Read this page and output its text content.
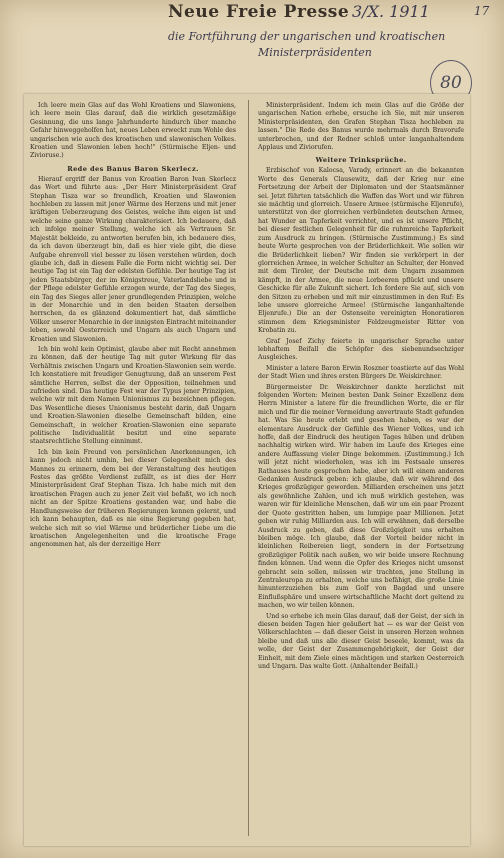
Neue Freie Presse 3/X. 1911	17
die Fortführung der ungarischen und kroatischen
Ministerpräsidenten
80

Ich leere mein Glas auf das Wohl Kroatiens und Slawoniens, ich leere mein Glas darauf, daß die wirklich gesetzmäßige Gesinnung, die uns lange Jahrhunderte hindurch über manche Gefahr hinweggeholfen hat, neues Leben erweckt zum Wohle des ungarischen wie auch des kroatischen und slawonischen Volkes. Kroatien und Slawonien leben hoch!" (Stürmische Eljen- und Zivioruse.)

Rede des Banus Baron Skerlecz.

Hierauf ergriff der Banus von Kroatien Baron Ivan Skerlecz das Wort und führte aus: „Der Herr Ministerpräsident Graf Stephan Tisza war so freundlich, Kroatien und Slawonien hochleben zu lassen mit jener Wärme des Herzens und mit jener kräftigen Ueberzeugung des Geistes, welche ihm eigen ist und welche seine ganze Wirkung charakterisiert. Ich bedauere, daß ich infolge meiner Stellung, welche ich als Vertrauen Sr. Majestät bekleide, zu antworten berufen bin, ich bedauere dies, da ich davon überzeugt bin, daß es hier viele gibt, die diese Aufgabe ehrenvoll viel besser zu lösen verstehen würden, doch glaube ich, daß in diesem Falle die Form nicht wichtig sei. Der heutige Tag ist ein Tag der edelsten Gefühle. Der heutige Tag ist jeden Staatsbürger, der im Königstreue, Vaterlandsliebe und in der Pflege edelster Gefühle erzogen wurde, der Tag des Sieges, ein Tag des Sieges aller jener grundlegenden Prinzipien, welche in der Monarchie und in den beiden Staaten derselben herrschen, da es glänzend dokumentiert hat, daß sämtliche Völker unserer Monarchie in der innigsten Eintracht miteinander leben, sowohl Oesterreich und Ungarn als auch Ungarn und Kroatien und Slawonien.

Ich bin wohl kein Optimist, glaube aber mit Recht annehmen zu können, daß der heutige Tag mit guter Wirkung für das Verhältnis zwischen Ungarn und Kroatien-Slawonien sein werde. Ich konstatiere mit freudiger Genugtuung, daß an unserem Fest sämtliche Herren, selbst die der Opposition, teilnehmen und zufrieden sind. Das heutige Fest war der Typus jener Prinzipien, welche wir mit dem Namen Unionismus zu bezeichnen pflegen. Das Wesentliche dieses Unionismus besteht darin, daß Ungarn und Kroatien-Slawonien dieselbe Gemeinschaft bilden, eine Gemeinschaft, in welcher Kroatien-Slawonien eine separate politische Individualität besitzt und eine separate staatsrechtliche Stellung einnimmt.

Ich bin kein Freund von persönlichen Anerkennungen, ich kann jedoch nicht umhin, bei dieser Gelegenheit mich des Mannes zu erinnern, dem bei der Veranstaltung des heutigen Festes das größte Verdienst zufällt, es ist dies der Herr Ministerpräsident Graf Stephan Tisza. Ich habe mich mit den kroatischen Fragen auch zu jener Zeit viel befaßt, wo ich noch nicht an der Spitze Kroatiens gestanden war, und habe die Handlungsweise der früheren Regierungen kennen gelernt, und ich kann behaupten, daß es nie eine Regierung gegeben hat, welche sich mit so viel Wärme und brüderlicher Liebe um die kroatischen Angelegenheiten und die kroatische Frage angenommen hat, als der derzeitige Herr

Ministerpräsident. Indem ich mein Glas auf die Größe der ungarischen Nation erhebe, ersuche ich Sie, mit mir unseren Ministerpräsidenten, den Grafen Stephan Tisza hochleben zu lassen." Die Rede des Banus wurde mehrmals durch Bravorufe unterbrochen, und der Redner schloß unter langanhaltendem Applaus und Ziviorufen.

Weitere Trinksprüche.

Erzbischof von Kalocsa, Varady, erinnert an die bekannten Worte des Generals Clausewitz, daß der Krieg nur eine Fortsetzung der Arbeit der Diplomaten und der Staatsmänner sei. Jetzt führten tatsächlich die Waffen das Wort und wir führen sie mächtig und glorreich. Unsere Armee (stürmische Eljenrufe), unterstützt von der glorreichen verbündeten deutschen Armee, hat Wunder an Tapferkeit verrichtet, und es ist unsere Pflicht, bei dieser festlichen Gelegenheit für die ruhmreiche Tapferkeit zum Ausdruck zu bringen. (Stürmische Zustimmung.) Es sind heute Worte gesprochen von der Brüderlichkeit. Wie sollen wir die Brüderlichkeit lieben? Wir finden sie verkörpert in der glorreichen Armee, in welcher Schulter an Schulter, der Honved mit dem Tiroler, der Deutsche mit dem Ungarn zusammen kämpft, in der Armee, die neue Lorbeeren pflückt und unsere Geschicke für alle Zukunft sichert. Ich fordere Sie auf, sich von den Sitzen zu erheben und mit mir einzustimmen in den Ruf: Es lebe unsere glorreiche Armee! (Stürmische langanhaltende Eljenrufe.) Die an der Ostenseite vereinigten Honoratioren stimmen dem Kriegsminister Feldzeugmeister Ritter von Krobatin zu.

Graf Josef Zichy feierte in ungarischer Sprache unter lebhaftem Beifall die Schöpfer des siebenundsechziger Ausgleiches.

Minister a latere Baron Erwin Roszner toastierte auf das Wohl der Stadt Wien und ihres ersten Bürgers Dr. Weiskirchner.

Bürgermeister Dr. Weiskirchner dankte herzlichst mit folgenden Worten: Meinen besten Dank Seiner Exzellenz dem Herrn Minister a latere für die freundlichen Worte, die er für mich und für die meiner Vermeidung anvertraute Stadt gefunden hat. Was Sie heute erlebt und gesehen haben, es war der elementare Ausdruck der Gefühle des Wiener Volkes, und ich hoffe, daß der Eindruck des heutigen Tages hüben und drüben nachhaltig wirken wird. Wir haben im Laufe des Krieges eine andere Auffassung vieler Dinge bekommen. (Zustimmung.) Ich will jetzt nicht wiederholen, was ich im Festsaale unseres Rathauses heute gesprochen habe, aber ich will einem anderen Gedanken Ausdruck geben: ich glaube, daß wir während des Krieges großzügiger geworden. Milliarden erscheinen uns jetzt als gewöhnliche Zahlen, und ich muß wirklich gestehen, was waren wir für kleinliche Menschen, daß wir um ein paar Prozent der Quote gestritten haben, um lumpige paar Millionen. Jetzt geben wir ruhig Milliarden aus. Ich will erwähnen, daß derselbe Ausdruck zu geben, daß diese Großzügigkeit uns erhalten bleiben möge. Ich glaube, daß der Vorteil beider nicht in kleinlichen Reibereien liegt, sondern in der Fortsetzung großzügiger Politik nach außen, wo wir beide unsere Rechnung finden können. Und wenn die Opfer des Krieges nicht umsonst gebracht sein sollen, müssen wir trachten, jene Stellung in Zentraleuropa zu erhalten, welche uns befähigt, die große Linie hinunterzuziehen bis zum Golf von Bagdad und unsere Einflußsphäre und unsere wirtschaftliche Macht dort geltend zu machen, wo wir teilen können.

Und so erhebe ich mein Glas darauf, daß der Geist, der sich in diesen beiden Tagen hier geäußert hat — es war der Geist von Völkerschlachten — daß dieser Geist in unseren Herzen wohnen bleibe und daß uns alle dieser Geist beseele, kommt, was da wolle, der Geist der Zusammengehörigkeit, der Geist der Einheit, mit dem Ziele eines mächtigen und starken Oesterreich und Ungarn. Das walte Gott. (Anhaltender Beifall.)
